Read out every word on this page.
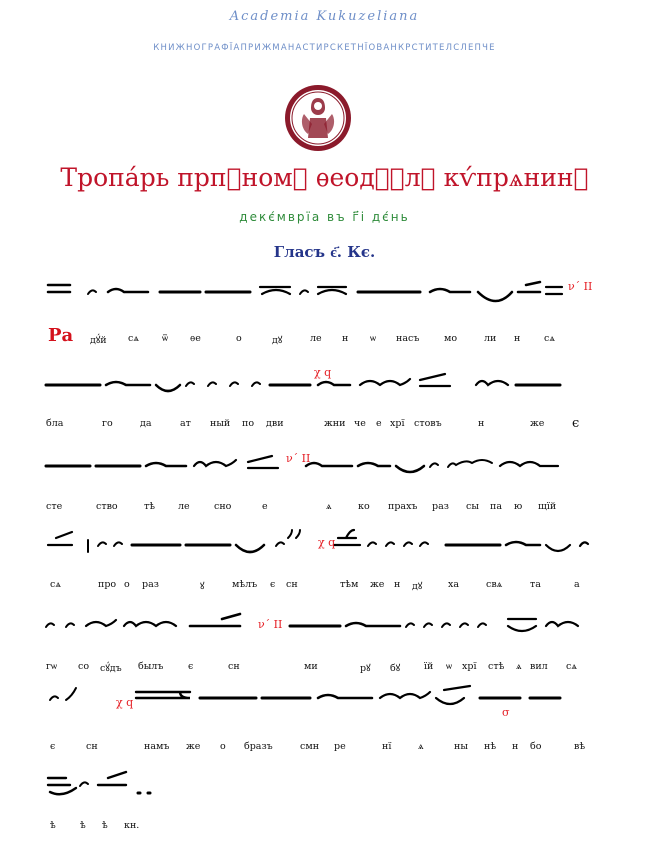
Academia Kukuzeliana
КНИЖНОГРАФЇАПРИЖМАНАСТИРСКЕТНЇОВАНКРСТИТЕЛСЛЕПЧЕ
Тропа́рь прпⷣномꙋ ѳеод꙽ꙋлꙋ кѵ́прѧнинꙋ
декє́мврїа въ г҃і дє́нь
Гласъ є҃. Кє.
ν΄ ΙΙ
χ q
ν΄ ΙΙ
χ q
ν΄ ΙΙ
χ q
σ
Ра дꙋ́й сѧ ѿ ѳе	о	дꙋ	ле н ѡ насъ	мо	ли н сѧ
бла	го	да	ат ный по дви	жни че е хрї стовъ	н	же є
сте	ство	тѣ ле	сно	е	ѧ	ко прахъ раз сы па ю щїй
сѧ	про о раз	ꙋ	мѣлъ є сн	тѣм же н дꙋ	ха	свѧ	та	а
гѡ со сꙋ́дъ былъ	є	сн	ми	рꙋ бꙋ	їй ѡ хрї стѣ ѧ вил сѧ
є	сн	намъ же о бразъ	смн ре	нї	ѧ	ны нѣ н бо	вѣ
ѣ	ѣ ѣ кн.
